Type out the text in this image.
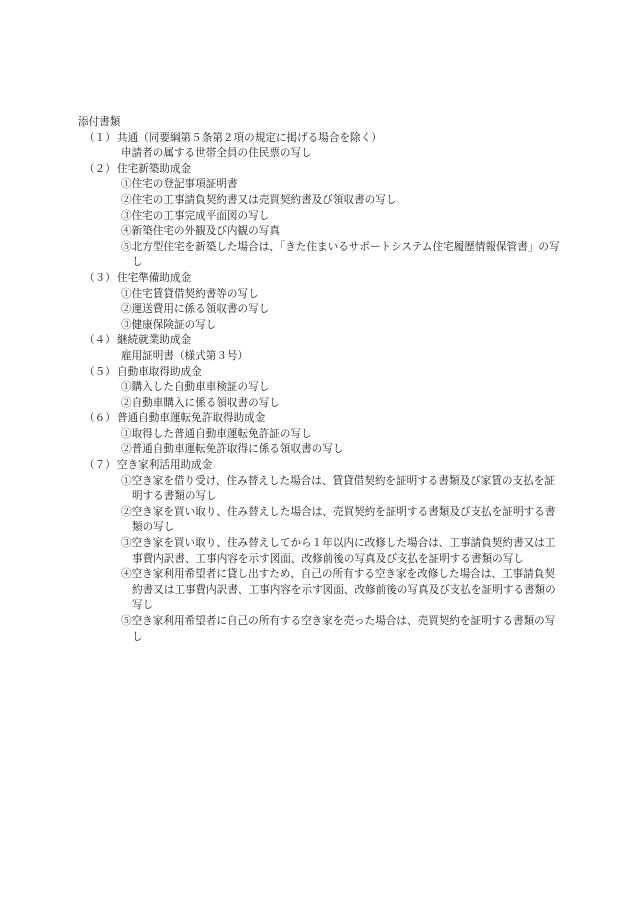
添付書類
（１） 共通（同要綱第５条第２項の規定に掲げる場合を除く）
申請者の属する世帯全員の住民票の写し
（２） 住宅新築助成金
①住宅の登記事項証明書
②住宅の工事請負契約書又は売買契約書及び領収書の写し
③住宅の工事完成平面図の写し
④新築住宅の外観及び内観の写真
⑤北方型住宅を新築した場合は、「きた住まいるサポートシステム住宅履歴情報保管書」の写し
（３） 住宅準備助成金
①住宅賃貸借契約書等の写し
②運送費用に係る領収書の写し
③健康保険証の写し
（４） 継続就業助成金
雇用証明書（様式第３号）
（５） 自動車取得助成金
①購入した自動車車検証の写し
②自動車購入に係る領収書の写し
（６） 普通自動車運転免許取得助成金
①取得した普通自動車運転免許証の写し
②普通自動車運転免許取得に係る領収書の写し
（７） 空き家利活用助成金
①空き家を借り受け、住み替えした場合は、賃貸借契約を証明する書類及び家賃の支払を証明する書類の写し
②空き家を買い取り、住み替えした場合は、売買契約を証明する書類及び支払を証明する書類の写し
③空き家を買い取り、住み替えしてから１年以内に改修した場合は、工事請負契約書又は工事費内訳書、工事内容を示す図面、改修前後の写真及び支払を証明する書類の写し
④空き家利用希望者に貸し出すため、自己の所有する空き家を改修した場合は、工事請負契約書又は工事費内訳書、工事内容を示す図面、改修前後の写真及び支払を証明する書類の写し
⑤空き家利用希望者に自己の所有する空き家を売った場合は、売買契約を証明する書類の写し
